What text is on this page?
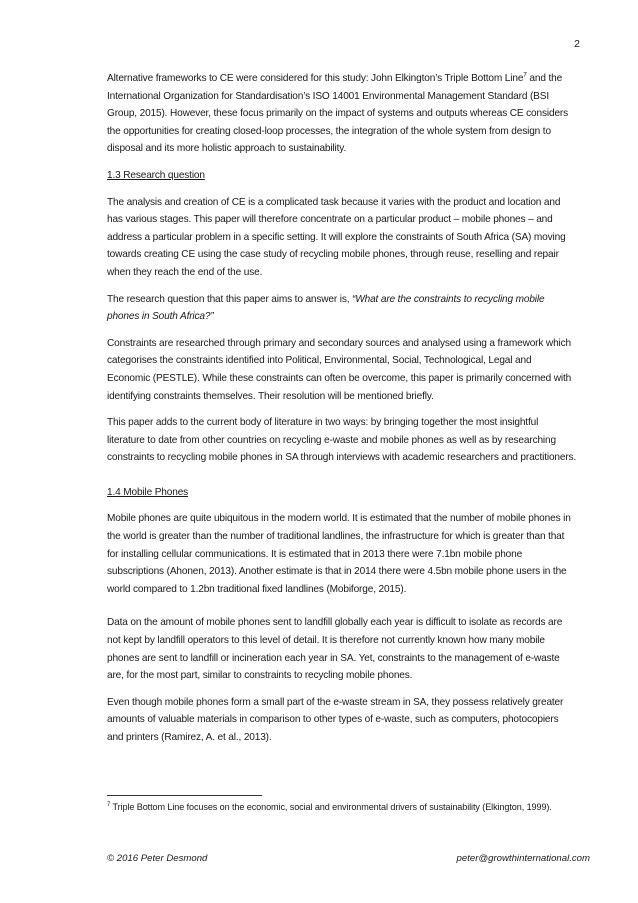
2

Alternative frameworks to CE were considered for this study: John Elkington’s Triple Bottom Line$^7$ and the International Organization for Standardisation’s ISO 14001 Environmental Management Standard (BSI Group, 2015). However, these focus primarily on the impact of systems and outputs whereas CE considers the opportunities for creating closed-loop processes, the integration of the whole system from design to disposal and its more holistic approach to sustainability.

1.3 Research question

The analysis and creation of CE is a complicated task because it varies with the product and location and has various stages. This paper will therefore concentrate on a particular product – mobile phones – and address a particular problem in a specific setting. It will explore the constraints of South Africa (SA) moving towards creating CE using the case study of recycling mobile phones, through reuse, reselling and repair when they reach the end of the use.

The research question that this paper aims to answer is, “What are the constraints to recycling mobile phones in South Africa?”

Constraints are researched through primary and secondary sources and analysed using a framework which categorises the constraints identified into Political, Environmental, Social, Technological, Legal and Economic (PESTLE). While these constraints can often be overcome, this paper is primarily concerned with identifying constraints themselves. Their resolution will be mentioned briefly.

This paper adds to the current body of literature in two ways: by bringing together the most insightful literature to date from other countries on recycling e-waste and mobile phones as well as by researching constraints to recycling mobile phones in SA through interviews with academic researchers and practitioners.

1.4 Mobile Phones

Mobile phones are quite ubiquitous in the modern world. It is estimated that the number of mobile phones in the world is greater than the number of traditional landlines, the infrastructure for which is greater than that for installing cellular communications. It is estimated that in 2013 there were 7.1bn mobile phone subscriptions (Ahonen, 2013). Another estimate is that in 2014 there were 4.5bn mobile phone users in the world compared to 1.2bn traditional fixed landlines (Mobiforge, 2015).

Data on the amount of mobile phones sent to landfill globally each year is difficult to isolate as records are not kept by landfill operators to this level of detail. It is therefore not currently known how many mobile phones are sent to landfill or incineration each year in SA. Yet, constraints to the management of e-waste are, for the most part, similar to constraints to recycling mobile phones.

Even though mobile phones form a small part of the e-waste stream in SA, they possess relatively greater amounts of valuable materials in comparison to other types of e-waste, such as computers, photocopiers and printers (Ramirez, A. et al., 2013).

$^7$ Triple Bottom Line focuses on the economic, social and environmental drivers of sustainability (Elkington, 1999).
© 2016 Peter Desmond	peter@growthinternational.com
